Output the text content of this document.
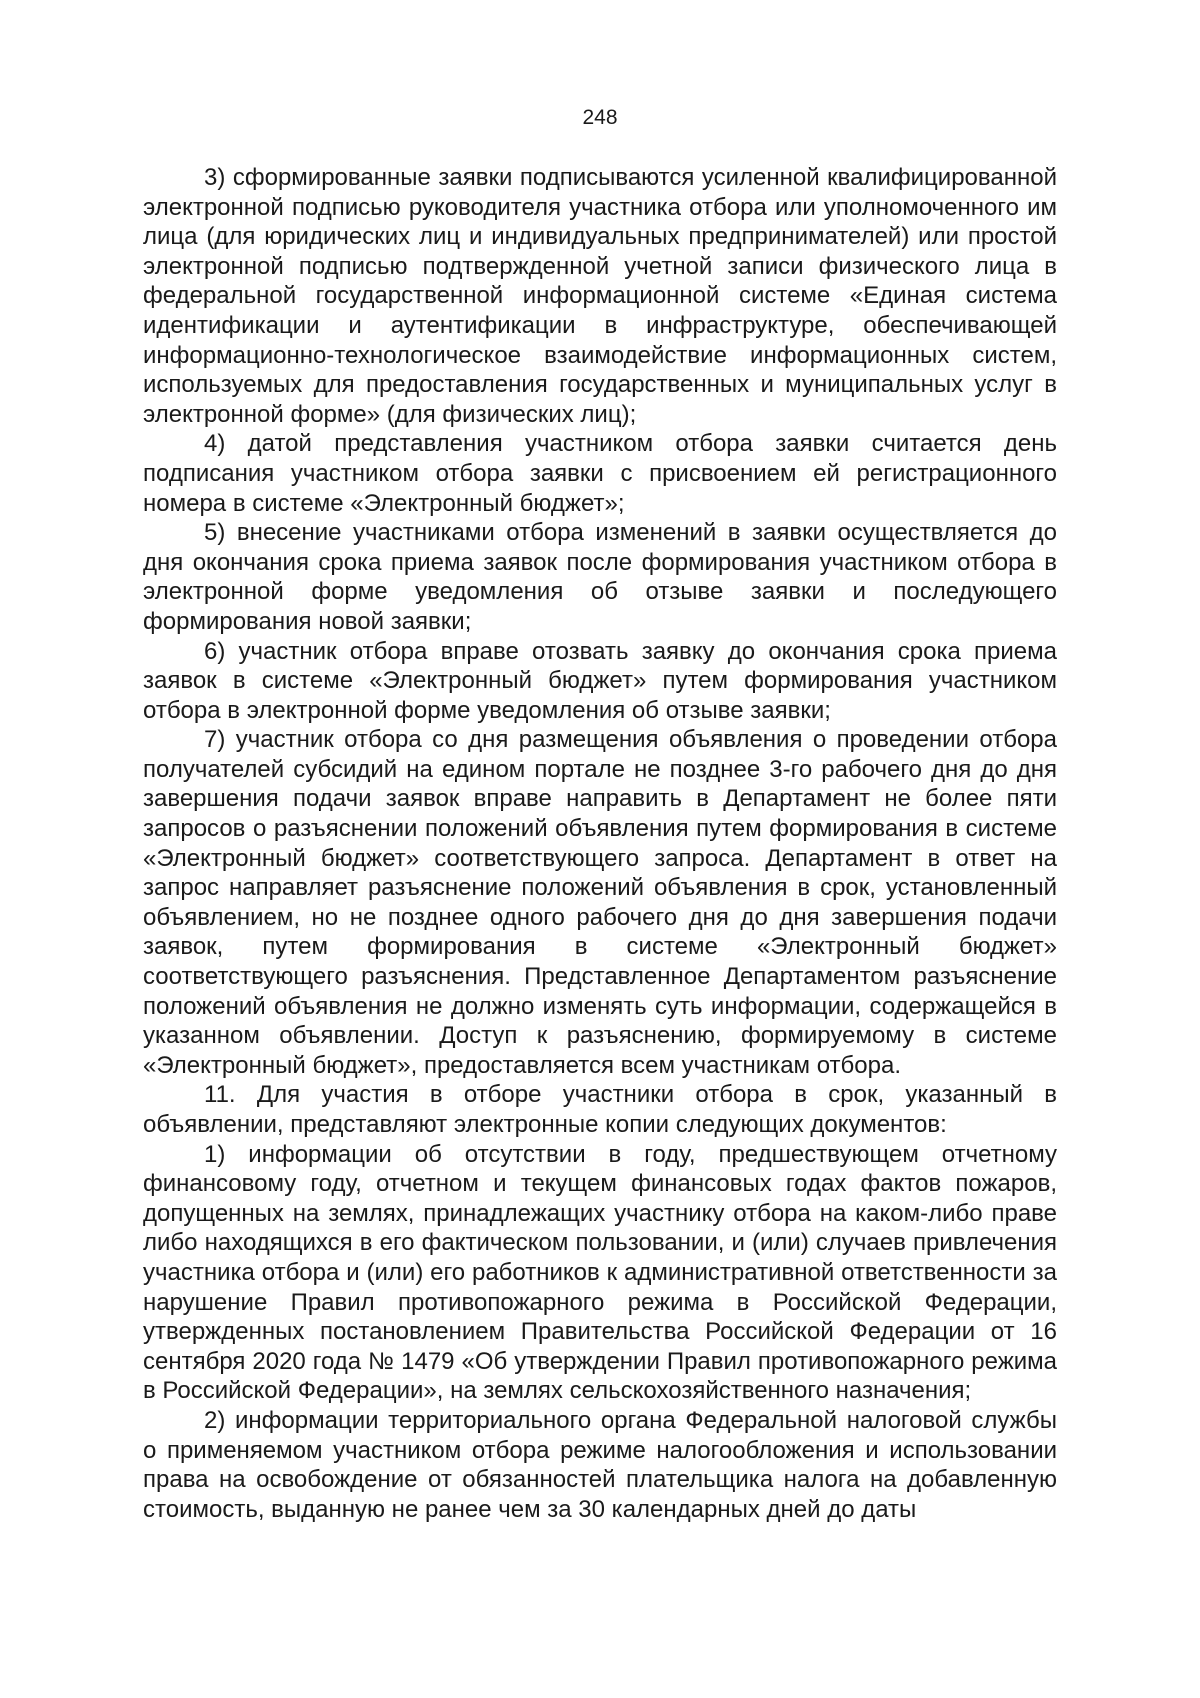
248

3) сформированные заявки подписываются усиленной квалифицированной электронной подписью руководителя участника отбора или уполномоченного им лица (для юридических лиц и индивидуальных предпринимателей) или простой электронной подписью подтвержденной учетной записи физического лица в федеральной государственной информационной системе «Единая система идентификации и аутентификации в инфраструктуре, обеспечивающей информационно-технологическое взаимодействие информационных систем, используемых для предоставления государственных и муниципальных услуг в электронной форме» (для физических лиц);

4) датой представления участником отбора заявки считается день подписания участником отбора заявки с присвоением ей регистрационного номера в системе «Электронный бюджет»;

5) внесение участниками отбора изменений в заявки осуществляется до дня окончания срока приема заявок после формирования участником отбора в электронной форме уведомления об отзыве заявки и последующего формирования новой заявки;

6) участник отбора вправе отозвать заявку до окончания срока приема заявок в системе «Электронный бюджет» путем формирования участником отбора в электронной форме уведомления об отзыве заявки;

7) участник отбора со дня размещения объявления о проведении отбора получателей субсидий на едином портале не позднее 3-го рабочего дня до дня завершения подачи заявок вправе направить в Департамент не более пяти запросов о разъяснении положений объявления путем формирования в системе «Электронный бюджет» соответствующего запроса. Департамент в ответ на запрос направляет разъяснение положений объявления в срок, установленный объявлением, но не позднее одного рабочего дня до дня завершения подачи заявок, путем формирования в системе «Электронный бюджет» соответствующего разъяснения. Представленное Департаментом разъяснение положений объявления не должно изменять суть информации, содержащейся в указанном объявлении. Доступ к разъяснению, формируемому в системе «Электронный бюджет», предоставляется всем участникам отбора.

11. Для участия в отборе участники отбора в срок, указанный в объявлении, представляют электронные копии следующих документов:

1) информации об отсутствии в году, предшествующем отчетному финансовому году, отчетном и текущем финансовых годах фактов пожаров, допущенных на землях, принадлежащих участнику отбора на каком-либо праве либо находящихся в его фактическом пользовании, и (или) случаев привлечения участника отбора и (или) его работников к административной ответственности за нарушение Правил противопожарного режима в Российской Федерации, утвержденных постановлением Правительства Российской Федерации от 16 сентября 2020 года № 1479 «Об утверждении Правил противопожарного режима в Российской Федерации», на землях сельскохозяйственного назначения;

2) информации территориального органа Федеральной налоговой службы о применяемом участником отбора режиме налогообложения и использовании права на освобождение от обязанностей плательщика налога на добавленную стоимость, выданную не ранее чем за 30 календарных дней до даты
